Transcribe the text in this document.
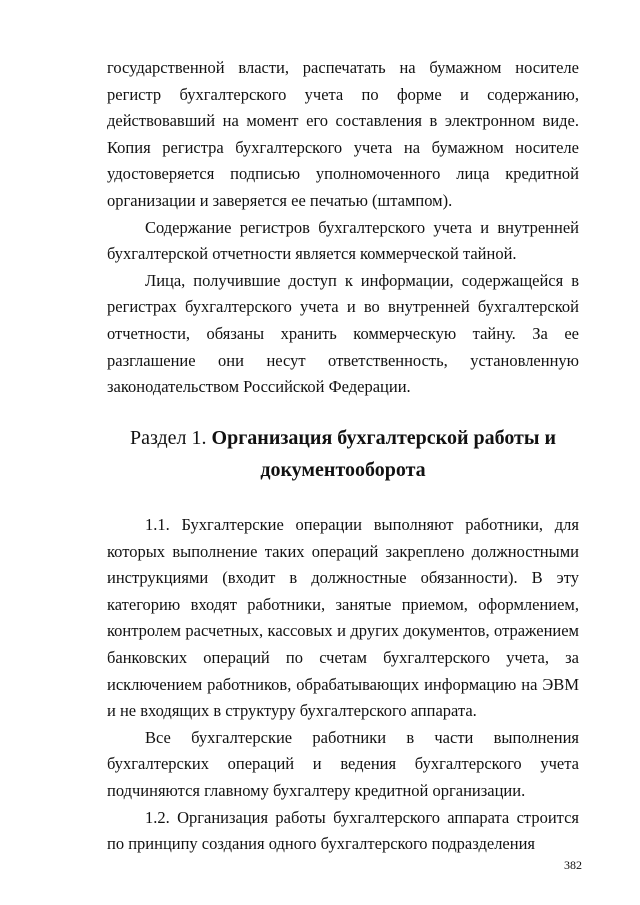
государственной власти, распечатать на бумажном носителе регистр бухгалтерского учета по форме и содержанию, действовавший на момент его составления в электронном виде. Копия регистра бухгалтерского учета на бумажном носителе удостоверяется подписью уполномоченного лица кредитной организации и заверяется ее печатью (штампом).

Содержание регистров бухгалтерского учета и внутренней бухгалтерской отчетности является коммерческой тайной.

Лица, получившие доступ к информации, содержащейся в регистрах бухгалтерского учета и во внутренней бухгалтерской отчетности, обязаны хранить коммерческую тайну. За ее разглашение они несут ответственность, установленную законодательством Российской Федерации.

Раздел 1. Организация бухгалтерской работы и документооборота

1.1. Бухгалтерские операции выполняют работники, для которых выполнение таких операций закреплено должностными инструкциями (входит в должностные обязанности). В эту категорию входят работники, занятые приемом, оформлением, контролем расчетных, кассовых и других документов, отражением банковских операций по счетам бухгалтерского учета, за исключением работников, обрабатывающих информацию на ЭВМ и не входящих в структуру бухгалтерского аппарата.

Все бухгалтерские работники в части выполнения бухгалтерских операций и ведения бухгалтерского учета подчиняются главному бухгалтеру кредитной организации.

1.2. Организация работы бухгалтерского аппарата строится по принципу создания одного бухгалтерского подразделения

382
